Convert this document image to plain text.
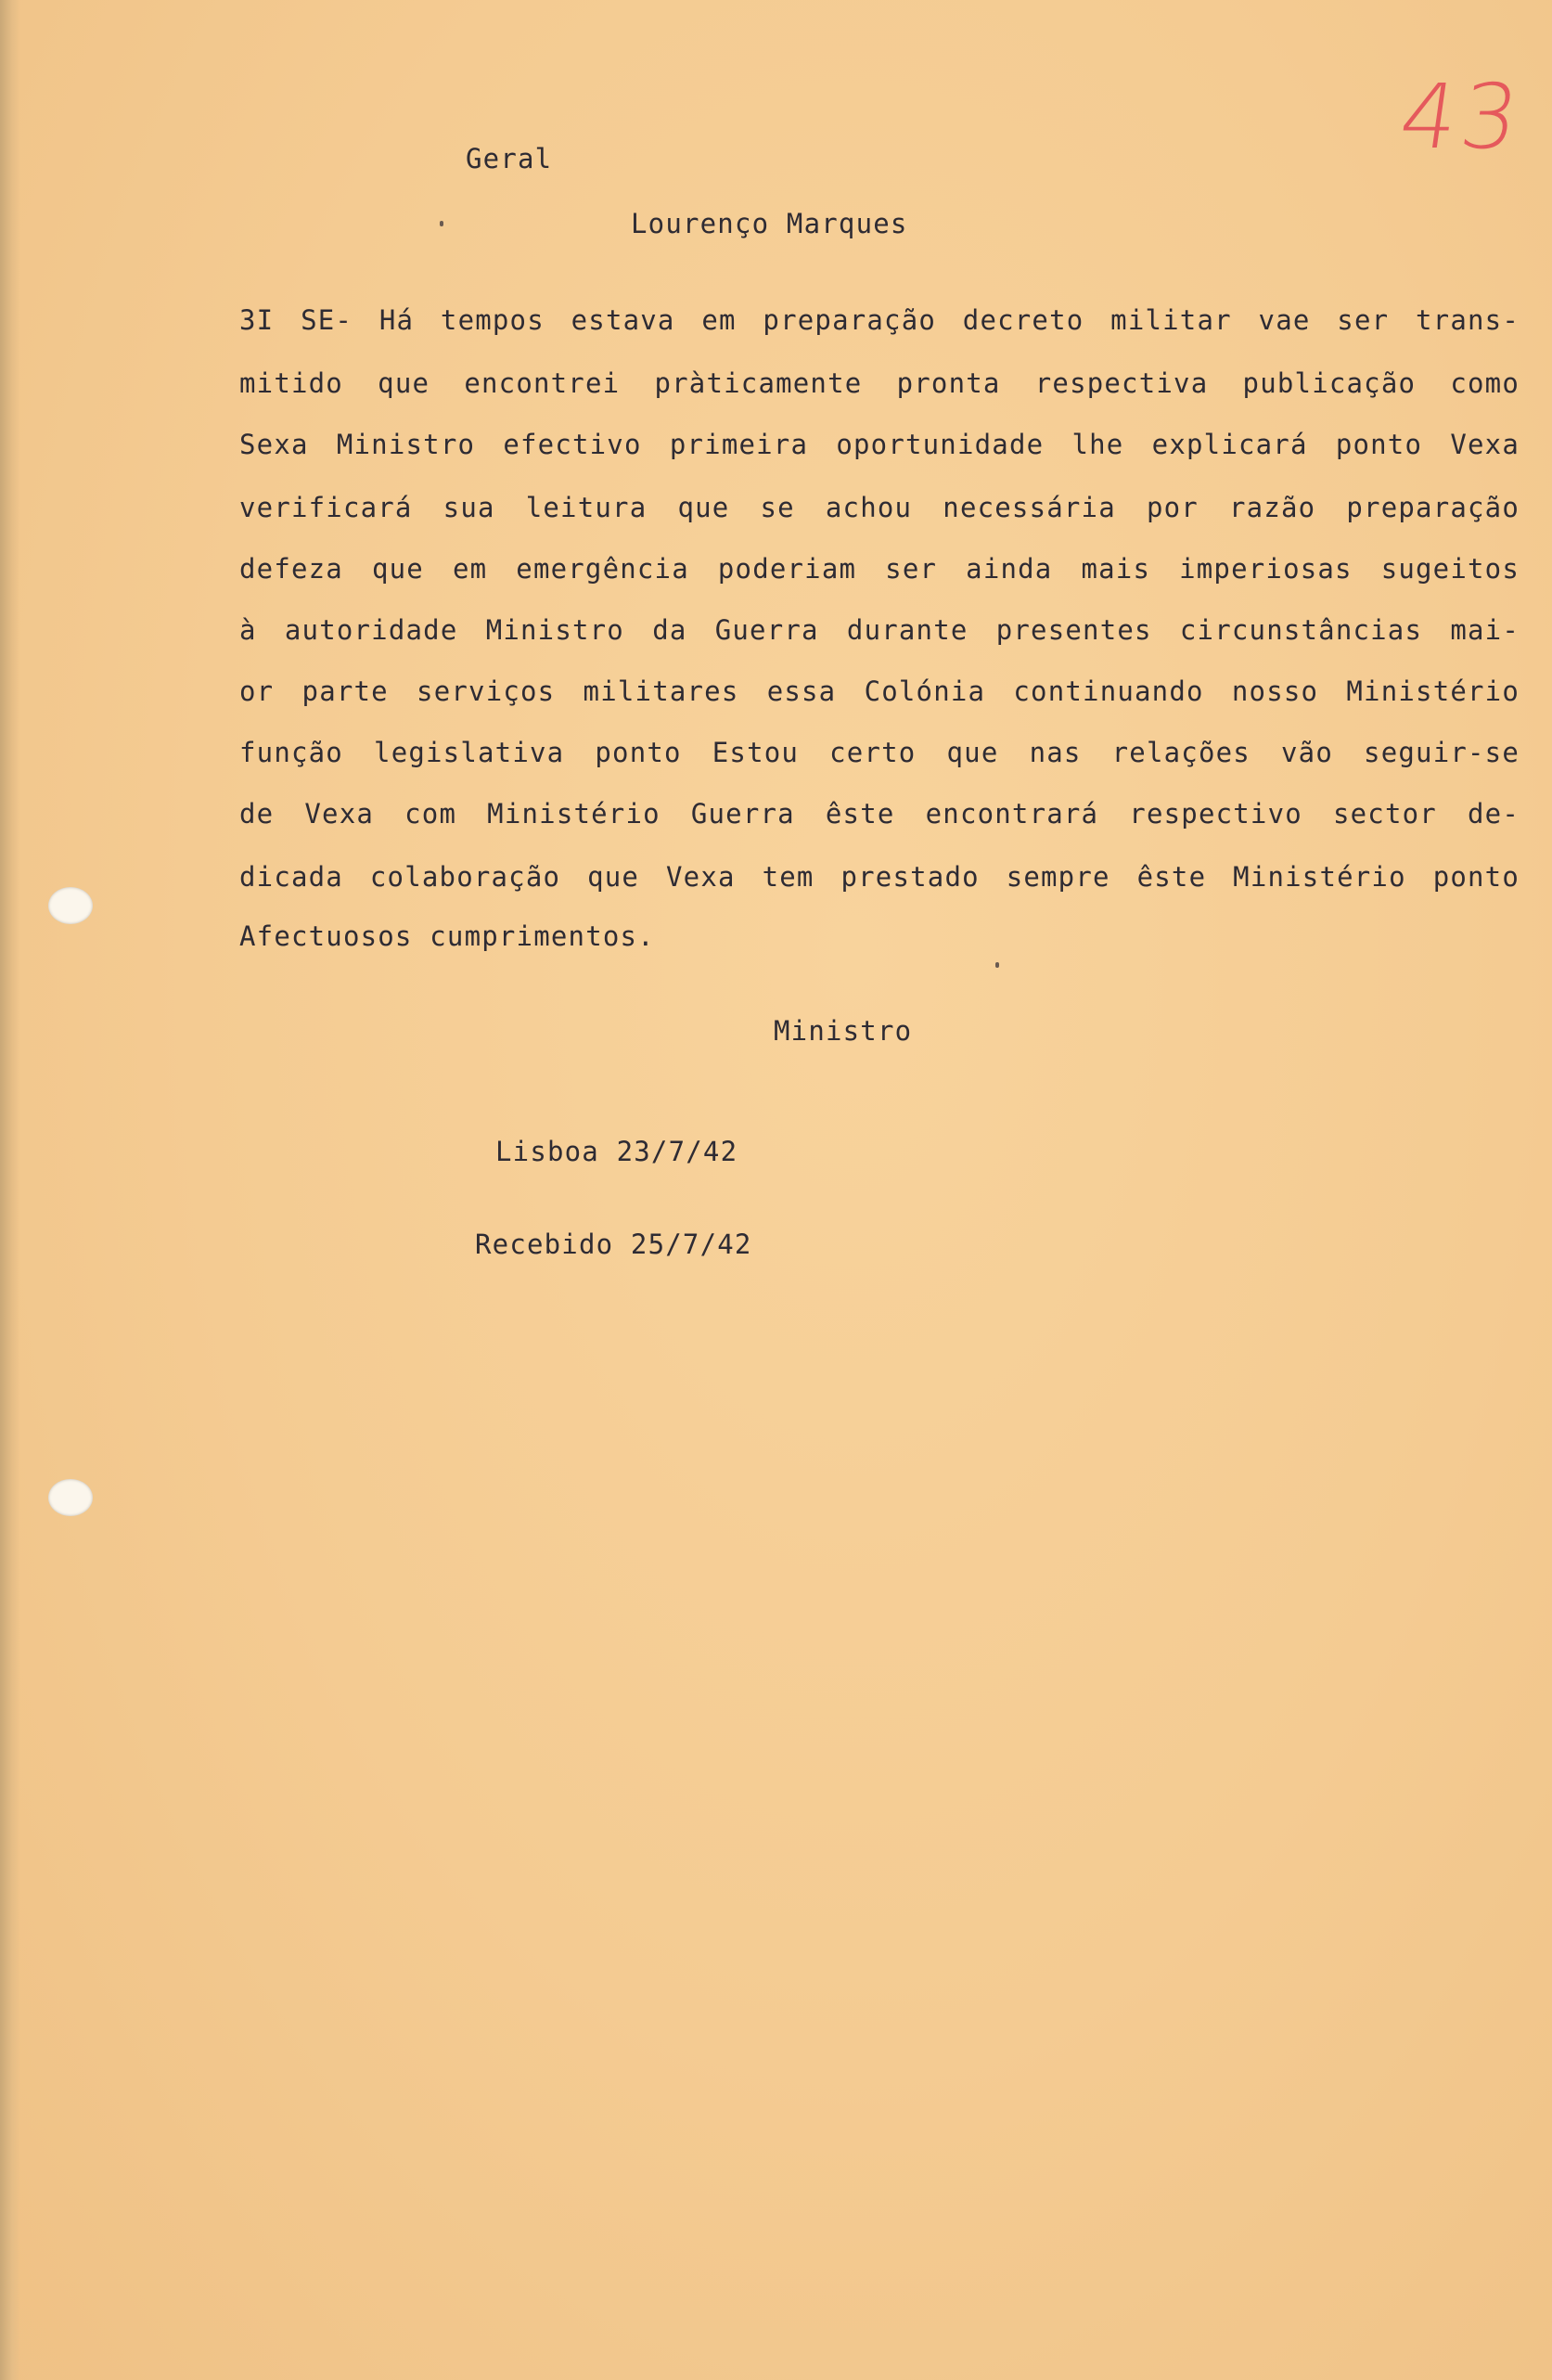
43
Geral
Lourenço Marques
3I SE- Há tempos estava em preparação decreto militar vae ser trans-
mitido que encontrei pràticamente pronta respectiva publicação como
Sexa Ministro efectivo primeira oportunidade lhe explicará ponto Vexa
verificará sua leitura que se achou necessária por razão preparação
defeza que em emergência poderiam ser ainda mais imperiosas sugeitos
à autoridade Ministro da Guerra durante presentes circunstâncias mai-
or parte serviços militares essa Colónia continuando nosso Ministério
função legislativa ponto Estou certo que nas relações vão seguir-se
de Vexa com Ministério Guerra êste encontrará respectivo sector de-
dicada colaboração que Vexa tem prestado sempre êste Ministério ponto
Afectuosos cumprimentos.
Ministro
Lisboa 23/7/42
Recebido 25/7/42
